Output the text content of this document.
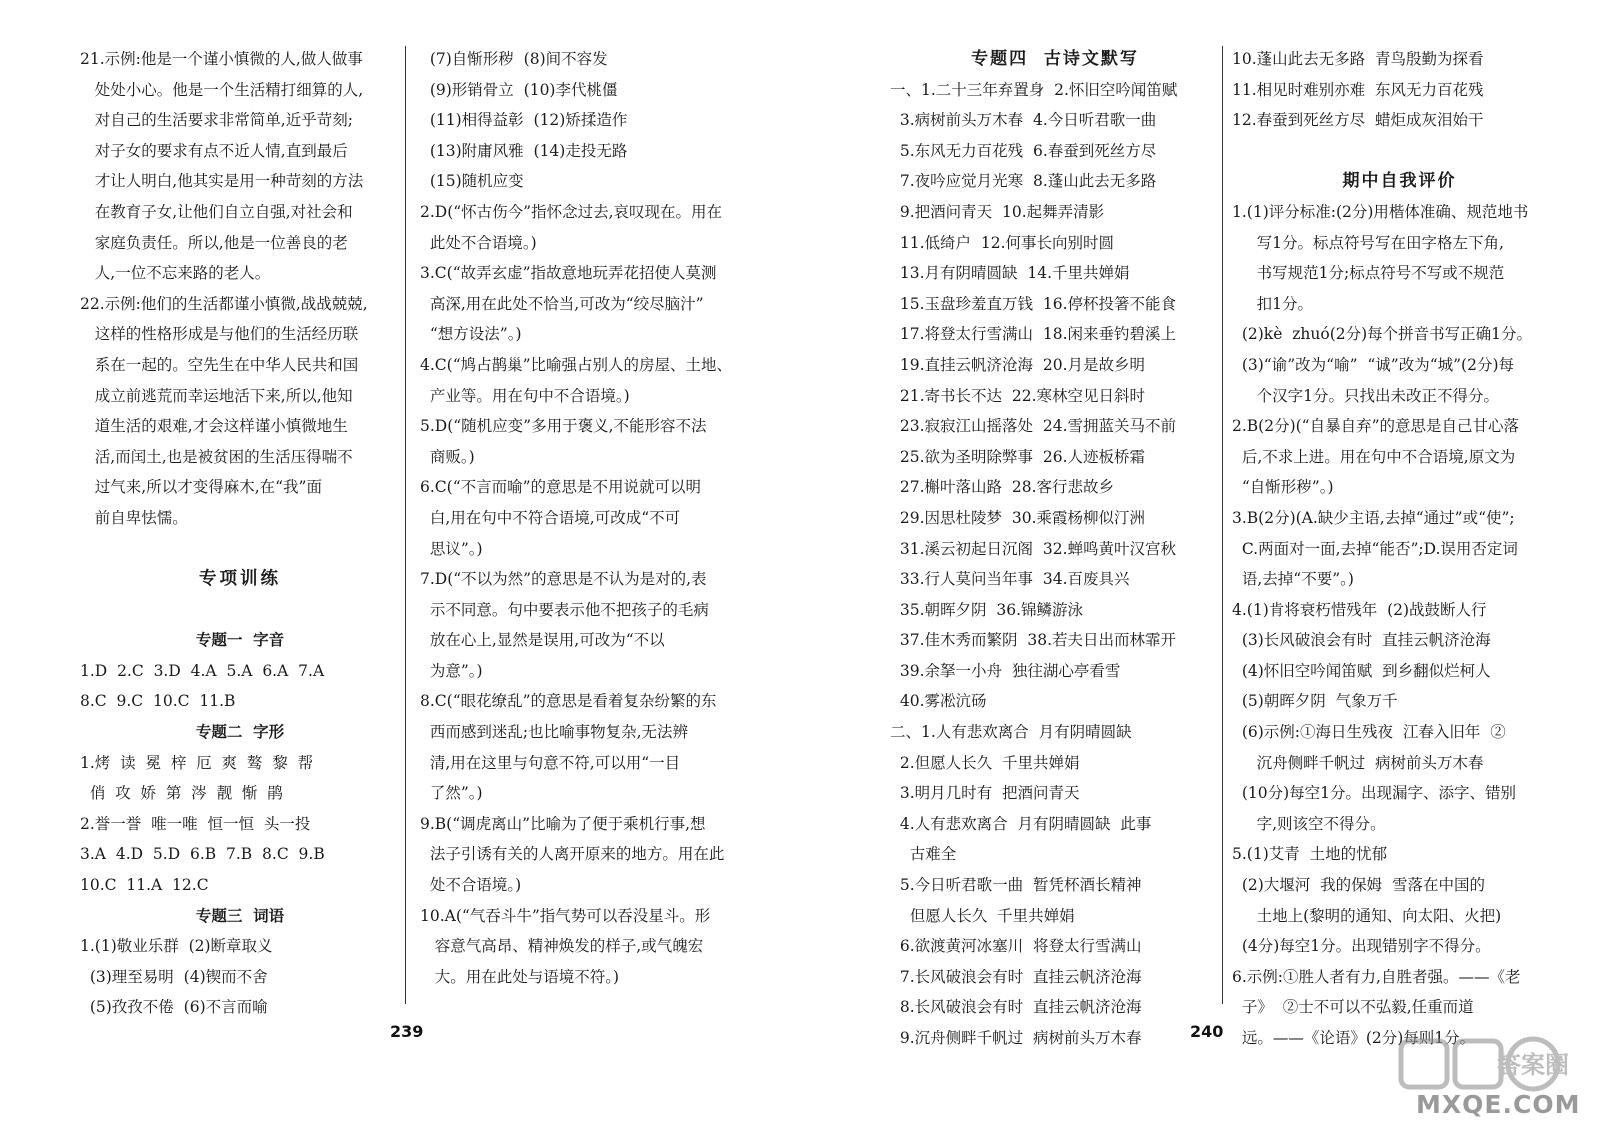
21.示例:他是一个谨小慎微的人,做人做事
处处小心。他是一个生活精打细算的人,
对自己的生活要求非常简单,近乎苛刻;
对子女的要求有点不近人情,直到最后
才让人明白,他其实是用一种苛刻的方法
在教育子女,让他们自立自强,对社会和
家庭负责任。所以,他是一位善良的老
人,一位不忘来路的老人。
22.示例:他们的生活都谨小慎微,战战兢兢,
这样的性格形成是与他们的生活经历联
系在一起的。空先生在中华人民共和国
成立前逃荒而幸运地活下来,所以,他知
道生活的艰难,才会这样谨小慎微地生
活,而闰土,也是被贫困的生活压得喘不
过气来,所以才变得麻木,在“我”面
前自卑怯懦。
专项训练
专题一  字音
1.D  2.C  3.D  4.A  5.A  6.A  7.A
8.C  9.C  10.C  11.B
专题二  字形
1.烤  读  冕  梓  厄  爽  骜  黎  帮
俏  攻  娇  第  涔  靓  惭  鹃
2.誉一誉  唯一唯  恒一恒  头一投
3.A  4.D  5.D  6.B  7.B  8.C  9.B
10.C  11.A  12.C
专题三  词语
1.(1)敬业乐群  (2)断章取义
(3)理至易明  (4)锲而不舍
(5)孜孜不倦  (6)不言而喻
(7)自惭形秽  (8)间不容发
(9)形销骨立  (10)李代桃僵
(11)相得益彰  (12)矫揉造作
(13)附庸风雅  (14)走投无路
(15)随机应变
2.D(“怀古伤今”指怀念过去,哀叹现在。用在
此处不合语境。)
3.C(“故弄玄虚”指故意地玩弄花招使人莫测
高深,用在此处不恰当,可改为“绞尽脑汁”
“想方设法”。)
4.C(“鸠占鹊巢”比喻强占别人的房屋、土地、
产业等。用在句中不合语境。)
5.D(“随机应变”多用于褒义,不能形容不法
商贩。)
6.C(“不言而喻”的意思是不用说就可以明
白,用在句中不符合语境,可改成“不可
思议”。)
7.D(“不以为然”的意思是不认为是对的,表
示不同意。句中要表示他不把孩子的毛病
放在心上,显然是误用,可改为“不以
为意”。)
8.C(“眼花缭乱”的意思是看着复杂纷繁的东
西而感到迷乱;也比喻事物复杂,无法辨
清,用在这里与句意不符,可以用“一目
了然”。)
9.B(“调虎离山”比喻为了便于乘机行事,想
法子引诱有关的人离开原来的地方。用在此
处不合语境。)
10.A(“气吞斗牛”指气势可以吞没星斗。形
容意气高昂、精神焕发的样子,或气魄宏
大。用在此处与语境不符。)
专题四  古诗文默写
一、1.二十三年弃置身  2.怀旧空吟闻笛赋
3.病树前头万木春  4.今日听君歌一曲
5.东风无力百花残  6.春蚕到死丝方尽
7.夜吟应觉月光寒  8.蓬山此去无多路
9.把酒问青天  10.起舞弄清影
11.低绮户  12.何事长向别时圆
13.月有阴晴圆缺  14.千里共婵娟
15.玉盘珍羞直万钱  16.停杯投箸不能食
17.将登太行雪满山  18.闲来垂钓碧溪上
19.直挂云帆济沧海  20.月是故乡明
21.寄书长不达  22.寒林空见日斜时
23.寂寂江山摇落处  24.雪拥蓝关马不前
25.欲为圣明除弊事  26.人迹板桥霜
27.槲叶落山路  28.客行悲故乡
29.因思杜陵梦  30.乘霞杨柳似汀洲
31.溪云初起日沉阁  32.蝉鸣黄叶汉宫秋
33.行人莫问当年事  34.百废具兴
35.朝晖夕阴  36.锦鳞游泳
37.佳木秀而繁阴  38.若夫日出而林霏开
39.余拏一小舟  独往湖心亭看雪
40.雾凇沆砀
二、1.人有悲欢离合  月有阴晴圆缺
2.但愿人长久  千里共婵娟
3.明月几时有  把酒问青天
4.人有悲欢离合  月有阴晴圆缺  此事
古难全
5.今日听君歌一曲  暂凭杯酒长精神
但愿人长久  千里共婵娟
6.欲渡黄河冰塞川  将登太行雪满山
7.长风破浪会有时  直挂云帆济沧海
8.长风破浪会有时  直挂云帆济沧海
9.沉舟侧畔千帆过  病树前头万木春
10.蓬山此去无多路  青鸟殷勤为探看
11.相见时难别亦难  东风无力百花残
12.春蚕到死丝方尽  蜡炬成灰泪始干
期中自我评价
1.(1)评分标准:(2分)用楷体准确、规范地书
写1分。标点符号写在田字格左下角,
书写规范1分;标点符号不写或不规范
扣1分。
(2)kè  zhuó(2分)每个拼音书写正确1分。
(3)“谕”改为“喻”  “诚”改为“城”(2分)每
个汉字1分。只找出未改正不得分。
2.B(2分)(“自暴自弃”的意思是自己甘心落
后,不求上进。用在句中不合语境,原文为
“自惭形秽”。)
3.B(2分)(A.缺少主语,去掉“通过”或“使”;
C.两面对一面,去掉“能否”;D.误用否定词
语,去掉“不要”。)
4.(1)肯将衰朽惜残年  (2)战鼓断人行
(3)长风破浪会有时  直挂云帆济沧海
(4)怀旧空吟闻笛赋  到乡翻似烂柯人
(5)朝晖夕阴  气象万千
(6)示例:①海日生残夜  江春入旧年  ②
沉舟侧畔千帆过  病树前头万木春
(10分)每空1分。出现漏字、添字、错别
字,则该空不得分。
5.(1)艾青  土地的忧郁
(2)大堰河  我的保姆  雪落在中国的
土地上(黎明的通知、向太阳、火把)
(4分)每空1分。出现错别字不得分。
6.示例:①胜人者有力,自胜者强。——《老
子》  ②士不可以不弘毅,任重而道
远。——《论语》(2分)每则1分。
239	240
答案圈
MXQE.COM
